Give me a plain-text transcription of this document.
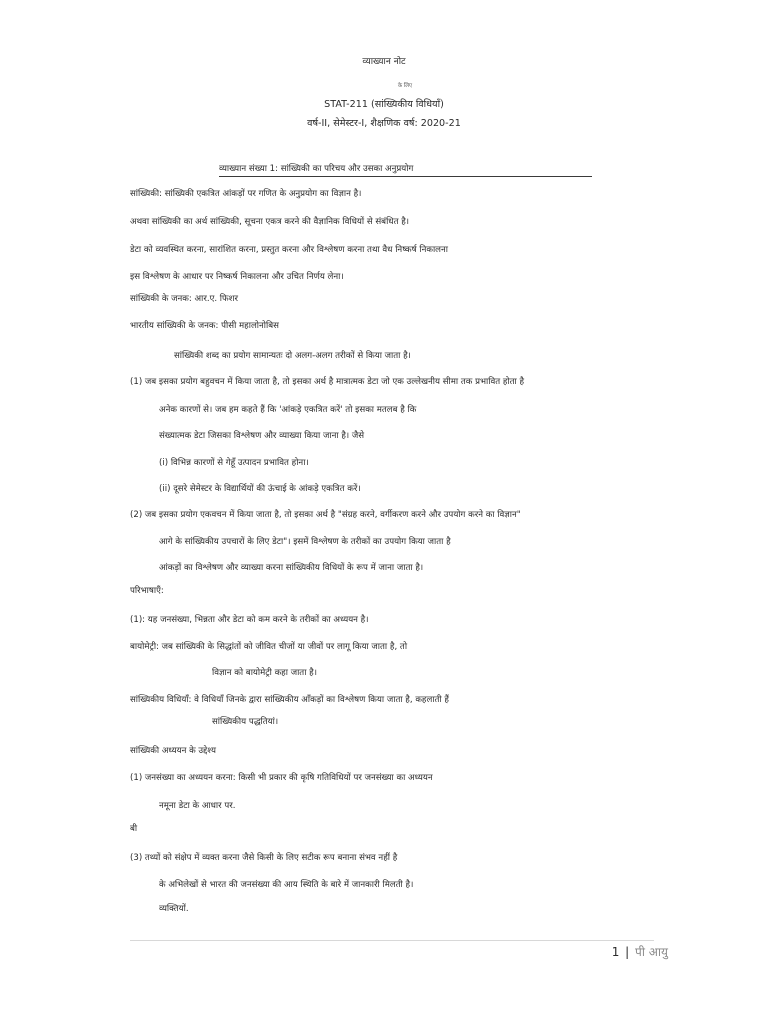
व्याख्यान नोट
के लिए
STAT-211 (सांख्यिकीय विधियाँ)
वर्ष-II, सेमेस्टर-I, शैक्षणिक वर्ष: 2020-21
व्याख्यान संख्या 1: सांख्यिकी का परिचय और उसका अनुप्रयोग
सांख्यिकी: सांख्यिकी एकत्रित आंकड़ों पर गणित के अनुप्रयोग का विज्ञान है।
अथवा सांख्यिकी का अर्थ सांख्यिकी, सूचना एकत्र करने की वैज्ञानिक विधियों से संबंधित है।
डेटा को व्यवस्थित करना, सारांशित करना, प्रस्तुत करना और विश्लेषण करना तथा वैध निष्कर्ष निकालना
इस विश्लेषण के आधार पर निष्कर्ष निकालना और उचित निर्णय लेना।
सांख्यिकी के जनक: आर.ए. फिशर
भारतीय सांख्यिकी के जनक: पीसी महालोनोबिस
सांख्यिकी शब्द का प्रयोग सामान्यतः दो अलग-अलग तरीकों से किया जाता है।
(1) जब इसका प्रयोग बहुवचन में किया जाता है, तो इसका अर्थ है मात्रात्मक डेटा जो एक उल्लेखनीय सीमा तक प्रभावित होता है
अनेक कारणों से। जब हम कहते हैं कि 'आंकड़े एकत्रित करें' तो इसका मतलब है कि
संख्यात्मक डेटा जिसका विश्लेषण और व्याख्या किया जाना है। जैसे
(i) विभिन्न कारणों से गेहूँ उत्पादन प्रभावित होना।
(ii) दूसरे सेमेस्टर के विद्यार्थियों की ऊंचाई के आंकड़े एकत्रित करें।
(2) जब इसका प्रयोग एकवचन में किया जाता है, तो इसका अर्थ है "संग्रह करने, वर्गीकरण करने और उपयोग करने का विज्ञान"
आगे के सांख्यिकीय उपचारों के लिए डेटा"। इसमें विश्लेषण के तरीकों का उपयोग किया जाता है
आंकड़ों का विश्लेषण और व्याख्या करना सांख्यिकीय विधियों के रूप में जाना जाता है।
परिभाषाएँ:
(1): यह जनसंख्या, भिन्नता और डेटा को कम करने के तरीकों का अध्ययन है।
बायोमेट्री: जब सांख्यिकी के सिद्धांतों को जीवित चीजों या जीवों पर लागू किया जाता है, तो
विज्ञान को बायोमेट्री कहा जाता है।
सांख्यिकीय विधियाँ: वे विधियाँ जिनके द्वारा सांख्यिकीय आँकड़ों का विश्लेषण किया जाता है, कहलाती हैं
सांख्यिकीय पद्धतियां।
सांख्यिकी अध्ययन के उद्देश्य
(1) जनसंख्या का अध्ययन करना: किसी भी प्रकार की कृषि गतिविधियों पर जनसंख्या का अध्ययन
नमूना डेटा के आधार पर.
बी
(3) तथ्यों को संक्षेप में व्यक्त करना जैसे किसी के लिए सटीक रूप बनाना संभव नहीं है
के अभिलेखों से भारत की जनसंख्या की आय स्थिति के बारे में जानकारी मिलती है।
व्यक्तियों.
1 | पी आयु
